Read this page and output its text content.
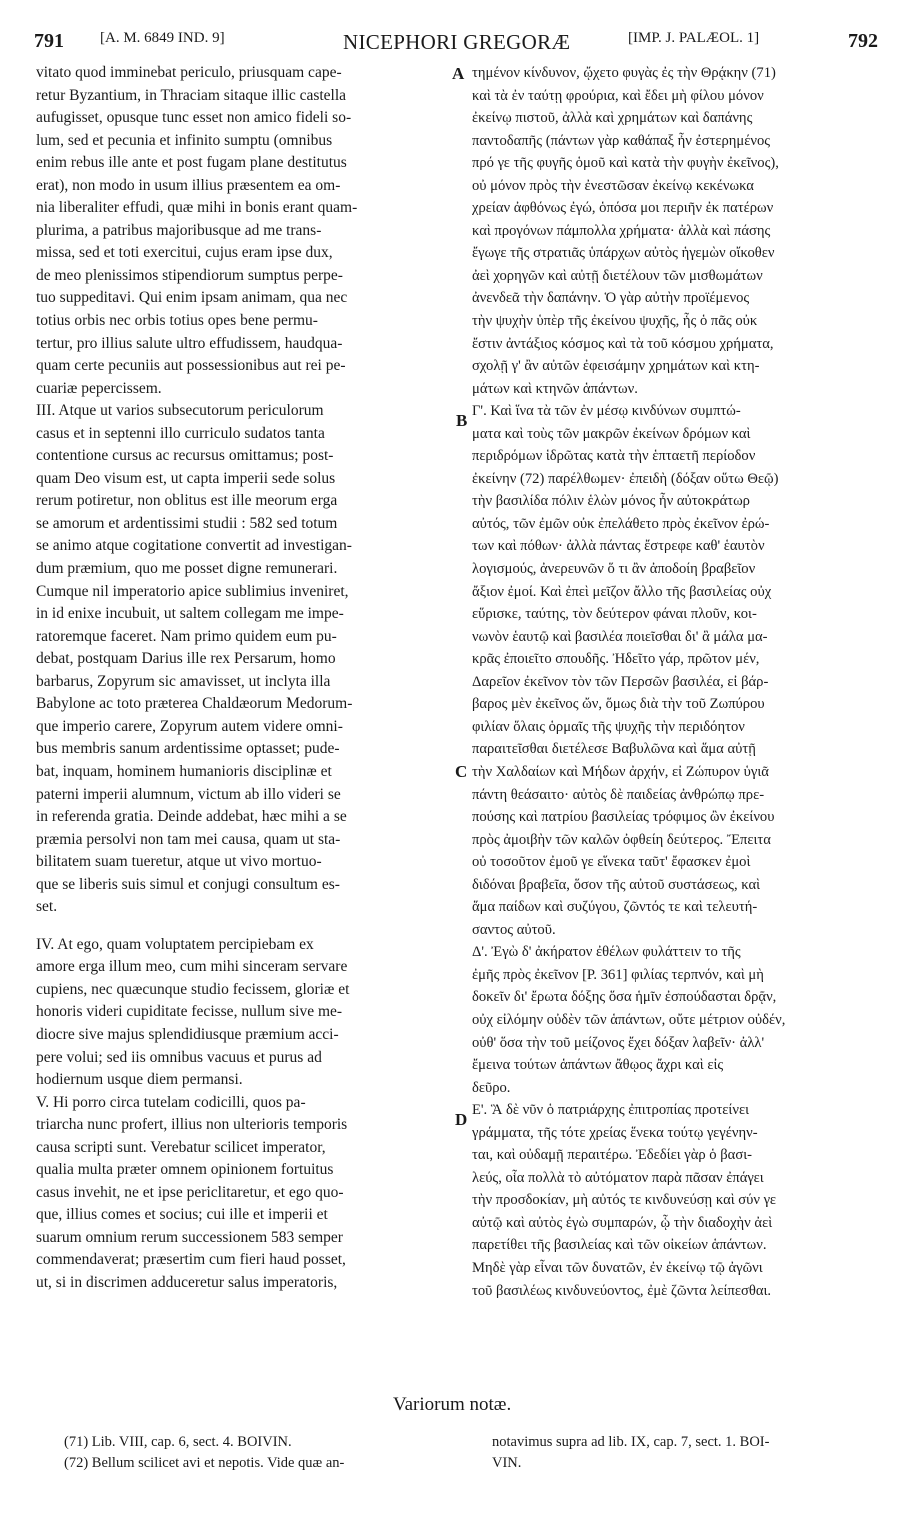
791 [A. M. 6849 IND. 9]	NICEPHORI GREGORÆ	[IMP. J. PALÆOL. 1]	792
vitato quod imminebat periculo, priusquam cape-
retur Byzantium, in Thraciam sitaque illic castella
aufugisset, opusque tunc esset non amico fideli so-
lum, sed et pecunia et infinito sumptu (omnibus
enim rebus ille ante et post fugam plane destitutus
erat), non modo in usum illius præsentem ea om-
nia liberaliter effudi, quæ mihi in bonis erant quam-
plurima, a patribus majoribusque ad me trans-
missa, sed et toti exercitui, cujus eram ipse dux,
de meo plenissimos stipendiorum sumptus perpe-
tuo suppeditavi. Qui enim ipsam animam, qua nec
totius orbis nec orbis totius opes bene permu-
tertur, pro illius salute ultro effudissem, haudqua-
quam certe pecuniis aut possessionibus aut rei pe-
cuariæ pepercissem.
III. Atque ut varios subsecutorum periculorum
casus et in septenni illo curriculo sudatos tanta
contentione cursus ac recursus omittamus; post-
quam Deo visum est, ut capta imperii sede solus
rerum potiretur, non oblitus est ille meorum erga
se amorum et ardentissimi studii : 582 sed totum
se animo atque cogitatione convertit ad investigan-
dum præmium, quo me posset digne remunerari.
Cumque nil imperatorio apice sublimius inveniret,
in id enixe incubuit, ut saltem collegam me impe-
ratoremque faceret. Nam primo quidem eum pu-
debat, postquam Darius ille rex Persarum, homo
barbarus, Zopyrum sic amavisset, ut inclyta illa
Babylone ac toto præterea Chaldæorum Medorum-
que imperio carere, Zopyrum autem videre omni-
bus membris sanum ardentissime optasset; pude-
bat, inquam, hominem humanioris disciplinæ et
paterni imperii alumnum, victum ab illo videri se
in referenda gratia. Deinde addebat, hæc mihi a se
præmia persolvi non tam mei causa, quam ut sta-
bilitatem suam tueretur, atque ut vivo mortuo-
que se liberis suis simul et conjugi consultum es-
set.
IV. At ego, quam voluptatem percipiebam ex
amore erga illum meo, cum mihi sinceram servare
cupiens, nec quæcunque studio fecissem, gloriæ et
honoris videri cupiditate fecisse, nullum sive me-
diocre sive majus splendidiusque præmium acci-
pere volui; sed iis omnibus vacuus et purus ad
hodiernum usque diem permansi.
V. Hi porro circa tutelam codicilli, quos pa-
triarcha nunc profert, illius non ulterioris temporis
causa scripti sunt. Verebatur scilicet imperator,
qualia multa præter omnem opinionem fortuitus
casus invehit, ne et ipse periclitaretur, et ego quo-
que, illius comes et socius; cui ille et imperii et
suarum omnium rerum successionem 583 semper
commendaverat; præsertim cum fieri haud posset,
ut, si in discrimen adduceretur salus imperatoris,
τημένον κίνδυνον, ᾤχετο φυγὰς ἐς τὴν Θρᾴκην (71)
καὶ τὰ ἐν ταύτῃ φρούρια, καὶ ἔδει μὴ φίλου μόνον
ἐκείνῳ πιστοῦ, ἀλλὰ καὶ χρημάτων καὶ δαπάνης
παντοδαπῆς (πάντων γὰρ καθάπαξ ἦν ἐστερημένος
πρό γε τῆς φυγῆς ὁμοῦ καὶ κατὰ τὴν φυγὴν ἐκεῖνος),
οὐ μόνον πρὸς τὴν ἐνεστῶσαν ἐκείνῳ κεκένωκα
χρείαν ἀφθόνως ἐγώ, ὁπόσα μοι περιῆν ἐκ πατέρων
καὶ προγόνων πάμπολλα χρήματα· ἀλλὰ καὶ πάσης
ἔγωγε τῆς στρατιᾶς ὑπάρχων αὐτὸς ἡγεμὼν οἴκοθεν
ἀεὶ χορηγῶν καὶ αὐτῇ διετέλουν τῶν μισθωμάτων
ἀνενδεᾶ τὴν δαπάνην. Ὁ γὰρ αὐτὴν προϊέμενος
τὴν ψυχὴν ὑπὲρ τῆς ἐκείνου ψυχῆς, ἧς ὁ πᾶς οὐκ
ἔστιν ἀντάξιος κόσμος καὶ τὰ τοῦ κόσμου χρήματα,
σχολῇ γ' ἂν αὐτῶν ἐφεισάμην χρημάτων καὶ κτη-
μάτων καὶ κτηνῶν ἁπάντων.
Γ'. Καὶ ἵνα τὰ τῶν ἐν μέσῳ κινδύνων συμπτώ-
ματα καὶ τοὺς τῶν μακρῶν ἐκείνων δρόμων καὶ
περιδρόμων ἱδρῶτας κατὰ τὴν ἑπταετῆ περίοδον
ἐκείνην (72) παρέλθωμεν· ἐπειδὴ (δόξαν οὕτω Θεῷ)
τὴν βασιλίδα πόλιν ἑλὼν μόνος ἦν αὐτοκράτωρ
αὐτός, τῶν ἐμῶν οὐκ ἐπελάθετο πρὸς ἐκεῖνον ἐρώ-
των καὶ πόθων· ἀλλὰ πάντας ἔστρεφε καθ' ἑαυτὸν
λογισμούς, ἀνερευνῶν ὅ τι ἂν ἀποδοίη βραβεῖον
ἄξιον ἐμοί. Καὶ ἐπεὶ μεῖζον ἄλλο τῆς βασιλείας οὐχ
εὕρισκε, ταύτης, τὸν δεύτερον φάναι πλοῦν, κοι-
νωνὸν ἑαυτῷ καὶ βασιλέα ποιεῖσθαι δι' ἃ μάλα μα-
κρᾶς ἐποιεῖτο σπουδῆς. Ἠδεῖτο γάρ, πρῶτον μέν,
Δαρεῖον ἐκεῖνον τὸν τῶν Περσῶν βασιλέα, εἰ βάρ-
βαρος μὲν ἐκεῖνος ὤν, ὅμως διὰ τὴν τοῦ Ζωπύρου
φιλίαν ὅλαις ὁρμαῖς τῆς ψυχῆς τὴν περιδόητον
παραιτεῖσθαι διετέλεσε Βαβυλῶνα καὶ ἅμα αὐτῇ
τὴν Χαλδαίων καὶ Μήδων ἀρχήν, εἰ Ζώπυρον ὑγιᾶ
πάντη θεάσαιτο· αὐτὸς δὲ παιδείας ἀνθρώπῳ πρε-
πούσης καὶ πατρίου βασιλείας τρόφιμος ὢν ἐκείνου
πρὸς ἀμοιβὴν τῶν καλῶν ὀφθείη δεύτερος. Ἔπειτα
οὐ τοσοῦτον ἐμοῦ γε εἵνεκα ταῦτ' ἔφασκεν ἐμοὶ
διδόναι βραβεῖα, ὅσον τῆς αὐτοῦ συστάσεως, καὶ
ἅμα παίδων καὶ συζύγου, ζῶντός τε καὶ τελευτή-
σαντος αὐτοῦ.
Δ'. Ἐγὼ δ' ἀκήρατον ἐθέλων φυλάττειν το τῆς
ἐμῆς πρὸς ἐκεῖνον [P. 361] φιλίας τερπνόν, καὶ μὴ
δοκεῖν δι' ἔρωτα δόξης ὅσα ἡμῖν ἐσπούδασται δρᾷν,
οὐχ εἰλόμην οὐδὲν τῶν ἁπάντων, οὔτε μέτριον οὐδέν,
οὐθ' ὅσα τὴν τοῦ μείζονος ἔχει δόξαν λαβεῖν· ἀλλ'
ἔμεινα τούτων ἁπάντων ἄθῳος ἄχρι καὶ εἰς
δεῦρο.
Ε'. Ἃ δὲ νῦν ὁ πατριάρχης ἐπιτροπίας προτείνει
γράμματα, τῆς τότε χρείας ἕνεκα τούτῳ γεγένην-
ται, καὶ οὐδαμῇ περαιτέρω. Ἐδεδίει γὰρ ὁ βασι-
λεύς, οἷα πολλὰ τὸ αὐτόματον παρὰ πᾶσαν ἐπάγει
τὴν προσδοκίαν, μὴ αὐτός τε κινδυνεύσῃ καὶ σύν γε
αὐτῷ καὶ αὐτὸς ἐγὼ συμπαρών, ᾧ τὴν διαδοχὴν ἀεὶ
παρετίθει τῆς βασιλείας καὶ τῶν οἰκείων ἁπάντων.
Μηδὲ γὰρ εἶναι τῶν δυνατῶν, ἐν ἐκείνῳ τῷ ἀγῶνι
τοῦ βασιλέως κινδυνεύοντος, ἐμὲ ζῶντα λείπεσθαι.
A
B
C
D
Variorum notæ.
(71) Lib. VIII, cap. 6, sect. 4. BOIVIN.
(72) Bellum scilicet avi et nepotis. Vide quæ an-
notavimus supra ad lib. IX, cap. 7, sect. 1. BOI-
VIN.
